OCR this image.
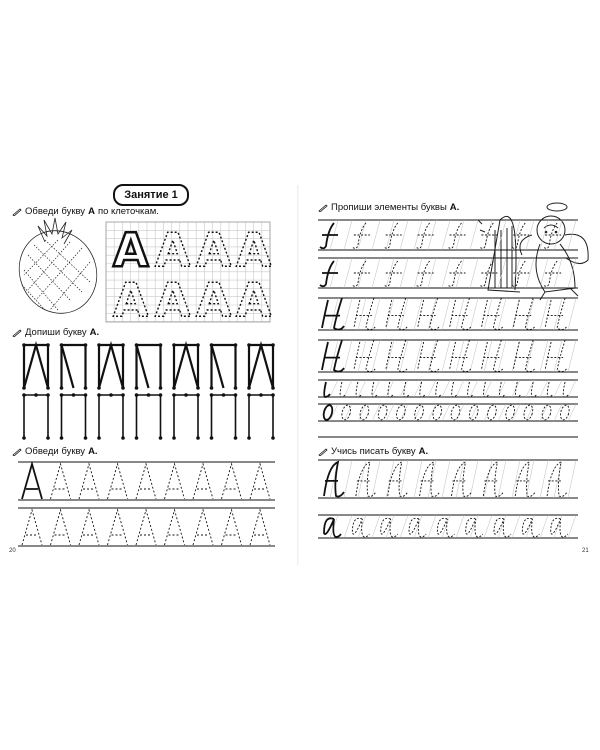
Занятие 1
Обведи букву А по клеточкам.
Допиши букву А.
Обведи букву А.
Пропиши элементы буквы А.
Учись писать букву А.
20	21
A A A A
A A A A
